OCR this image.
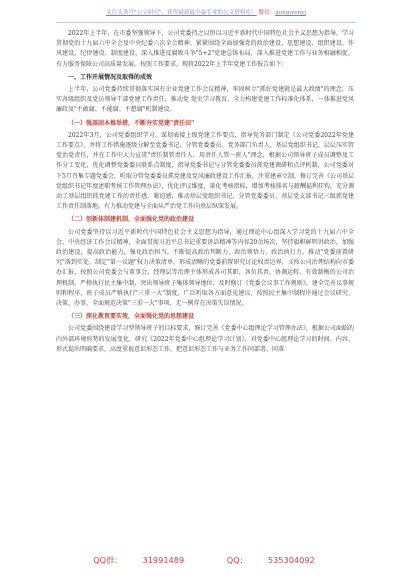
关注头条号"公文研究"，获得最新最全最专业的公文资料库！ 微信：gongwenyj

2022年上半年，在市委坚强领导下，公司党委持之以恒以习近平新时代中国特色社会主义思想为指导，学习贯彻党的十九届六中全会及中央纪委六次全会精神，紧紧围绕全面加强党的政治建设、思想建设、组织建设、作风建设、纪律建设、制度建设，深入推进反腐败斗争"5+2"党建总体布局，深入推进党建工作与业务相融相促，有力服务保障公司高质量发展。按照工作要求，现将2022年上半年党建工作报告如下：

一、工作开展情况及取得的成效

上半年，公司党委持续贯彻落实国有企业党建工作会议精神，牢固树立"抓好党建就是最大政绩"的理念，压实各级组织及党员领导干部党建工作责任，推动党 党史学习教育，全力构建党建工作标准化体系，一体推进党风廉政及"不敢腐、不能腐、不想腐"机制建设。

（一）强基固本推举措，不断夯实党建"责任田"

2022年3月，公司党委组织学习、谋划表接上级党建工作要点，指导党务部门制定《公司党委2022年党建工作要点》，并将工作措施逐级分解至党委书记、分管党委委员、党务部门负责人、基层党组织书记，层层压实管党治党责任，并在工作中大力宣贯"责任制管责任人、用责任人管一班人"理念，根据公司领导班子成员调整及工作分工变化，优化调整党委委员联系点制度，指导党委书记与分管党委委员抓党建调研和点评机制，公司党委对下5月召集专题党委会，听取分管党委委员抓党建及党风廉政建设工作汇报，注重建章立制，修订完善《公司基层党组织书记年度述职考核工作管理办法》，优化评议维度，量化考核指标，增加考核排名与薪酬福利挂钩，充分调动了基层组织抓党建工作的责任感、紧迫感，推动基层党组织书记、分管党委委员、基层党支部书记三级抓党建工作责任制落地，有力推动党建与全面从严治党工作向基层纵深发展。

（二）创新体制建机制，全面强化党的政治建设

公司党委坚持以习近平新时代中国特色社会主义思想为指导，通过理论中心组深入学习党的十九届六中全会、中央经济工作会议精神，全面贯彻习近平总书记重要讲话精神等内容20余场次，坚持旗帜鲜明讲政治，加强政治建设，提高政治能力，强化政治担当。不断提高政治判断力、政治领悟力、政治执行力。推动"党委前置研究"落到实处，制定"第一议题"权力决策清单，形成清晰的党委前置研究讨论权责边界，又按公司治理结构向市委办汇报，按照公司党委会与董事会、经理层等治理主体形成各司其职、各负其责、协调运转、有效制衡的公司治理机制。严格执行民主集中制，突出领导班子集体领导地位，及时修订《党委会议事工作规则》，建全完善议事规则和程序，班子成员严格执行"三重一大"制度，广泛听取各方面意见建议，按照民主集中制程序通过会议研究、决策、办事，全面规范决策"三重一大"事项，无一例存在决策失误情况。

（三）深化教育要实效，全面强化党的思想建设

公司党委围绕建设学习型领导班子的目标要求，修订完善《党委中心组理论学习管理办法》，根据公司面临的内外部环境形势的发展变化，研究《2022年党委中心组理论学习计划》，对党委中心组理论学习的时间、内容、形式提出明确要求，高度重视意识形态工作，把意识形态工作与业务工作同部署、同落

QQ群： 31991489	QQ： 535304092
